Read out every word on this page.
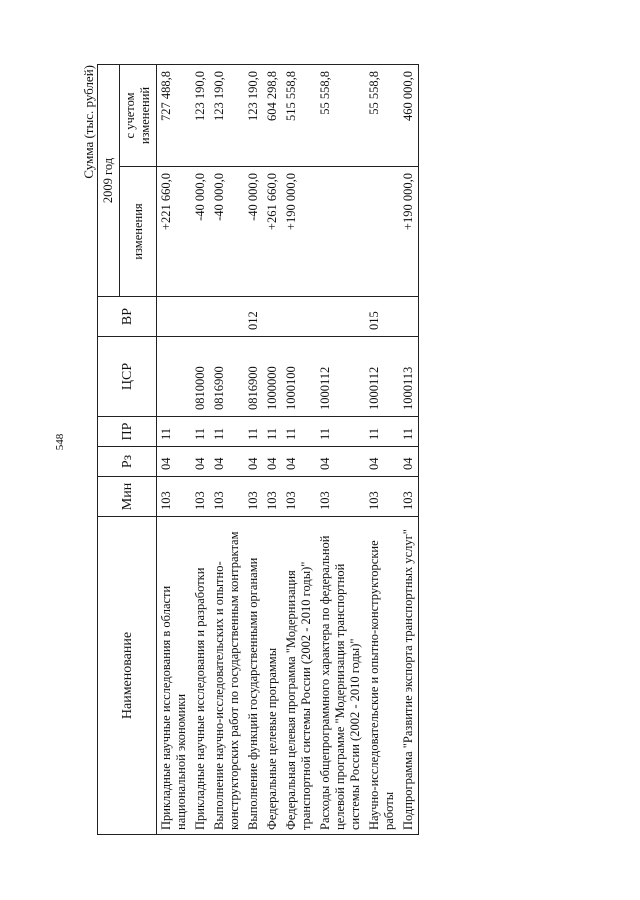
548
Сумма (тыс. рублей)
Наименование	Мин	Рз	ПР	ЦСР	ВР	2009 год	
						изменения	с учетом изменений
Прикладные научные исследования в области национальной экономики	103	04	11			+221 660,0	727 488,8
Прикладные научные исследования и разработки	103	04	11	0810000		-40 000,0	123 190,0
Выполнение научно-исследовательских и опытно-конструкторских работ по государственным контрактам	103	04	11	0816900		-40 000,0	123 190,0
Выполнение функций государственными органами	103	04	11	0816900	012	-40 000,0	123 190,0
Федеральные целевые программы	103	04	11	1000000		+261 660,0	604 298,8
Федеральная целевая программа "Модернизация транспортной системы России (2002 - 2010 годы)"	103	04	11	1000100		+190 000,0	515 558,8
Расходы общепрограммного характера по федеральной целевой программе "Модернизация транспортной системы России (2002 - 2010 годы)"	103	04	11	1000112			55 558,8
Научно-исследовательские и опытно-конструкторские работы	103	04	11	1000112	015		55 558,8
Подпрограмма "Развитие экспорта транспортных услуг"	103	04	11	1000113		+190 000,0	460 000,0
